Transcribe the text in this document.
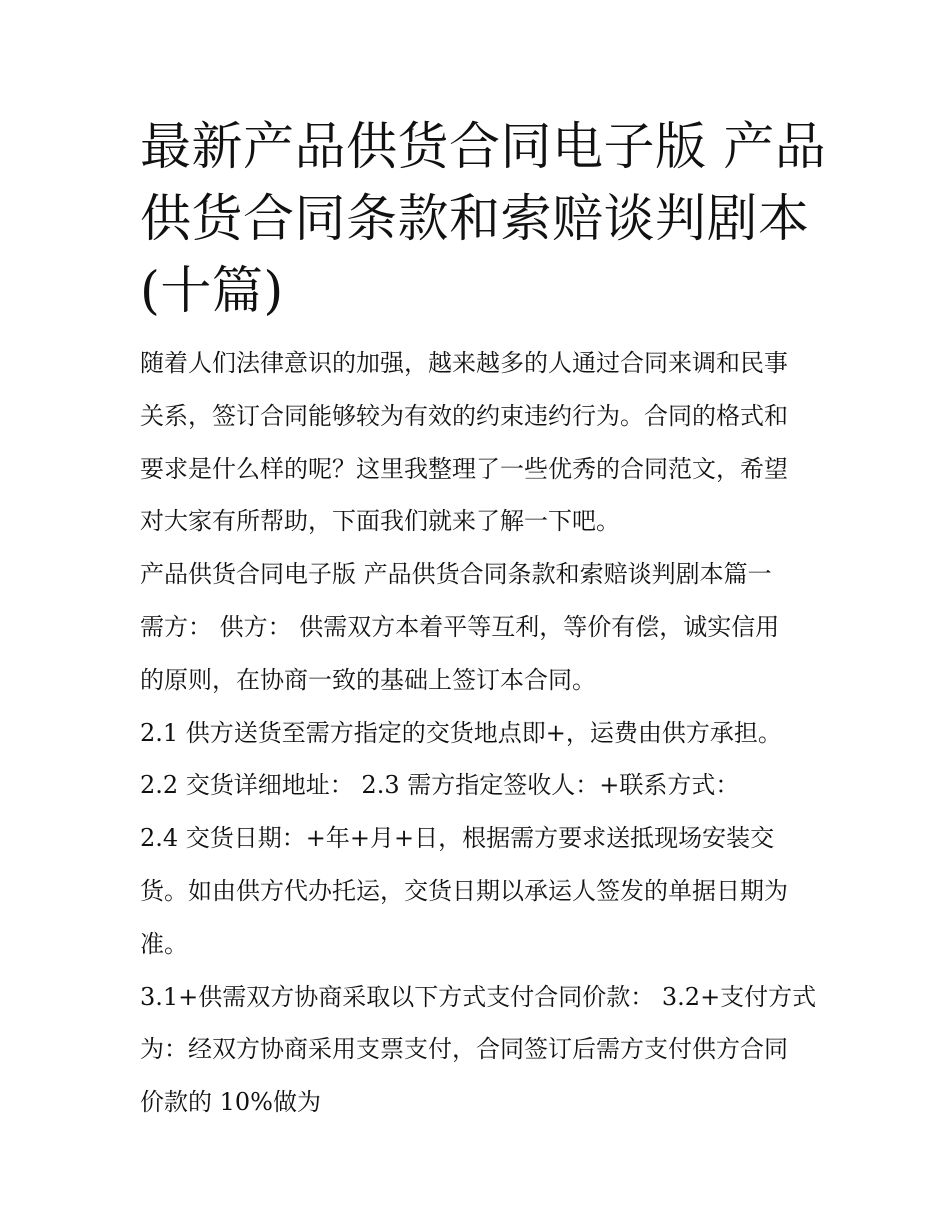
最新产品供货合同电子版 产品
供货合同条款和索赔谈判剧本
(十篇)
随着人们法律意识的加强，越来越多的人通过合同来调和民事
关系，签订合同能够较为有效的约束违约行为。合同的格式和
要求是什么样的呢？这里我整理了一些优秀的合同范文，希望
对大家有所帮助，下面我们就来了解一下吧。
产品供货合同电子版 产品供货合同条款和索赔谈判剧本篇一
需方： 供方： 供需双方本着平等互利，等价有偿，诚实信用
的原则，在协商一致的基础上签订本合同。
2.1 供方送货至需方指定的交货地点即+，运费由供方承担。
2.2 交货详细地址： 2.3 需方指定签收人：+联系方式：
2.4 交货日期：+年+月+日，根据需方要求送抵现场安装交
货。如由供方代办托运，交货日期以承运人签发的单据日期为
准。
3.1+供需双方协商采取以下方式支付合同价款： 3.2+支付方式
为：经双方协商采用支票支付，合同签订后需方支付供方合同
价款的 10%做为
